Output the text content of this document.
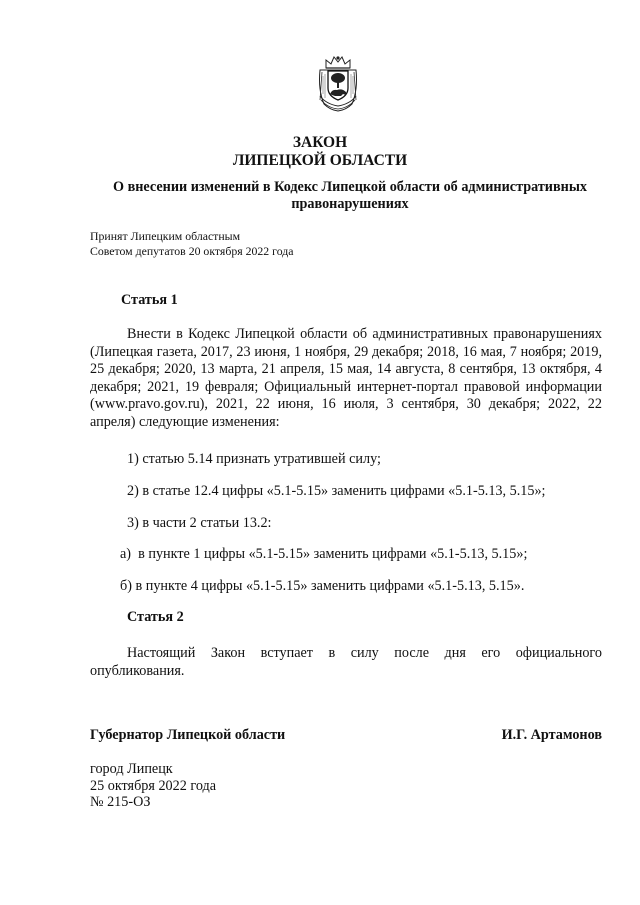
ЗАКОН
ЛИПЕЦКОЙ ОБЛАСТИ
О внесении изменений в Кодекс Липецкой области об административных правонарушениях
Принят Липецким областным
Советом депутатов 20 октября 2022 года
Статья 1
Внести в Кодекс Липецкой области об административных правонарушениях (Липецкая газета, 2017, 23 июня, 1 ноября, 29 декабря; 2018, 16 мая, 7 ноября; 2019, 25 декабря; 2020, 13 марта, 21 апреля, 15 мая, 14 августа, 8 сентября, 13 октября, 4 декабря; 2021, 19 февраля; Официальный интернет-портал правовой информации (www.pravo.gov.ru), 2021, 22 июня, 16 июля, 3 сентября, 30 декабря; 2022, 22 апреля) следующие изменения:
1) статью 5.14 признать утратившей силу;
2) в статье 12.4 цифры «5.1-5.15» заменить цифрами «5.1-5.13, 5.15»;
3) в части 2 статьи 13.2:
а)  в пункте 1 цифры «5.1-5.15» заменить цифрами «5.1-5.13, 5.15»;
б) в пункте 4 цифры «5.1-5.15» заменить цифрами «5.1-5.13, 5.15».
Статья 2
Настоящий Закон вступает в силу после дня его официального опубликования.
Губернатор Липецкой области	И.Г. Артамонов
город Липецк
25 октября 2022 года
№ 215-ОЗ
